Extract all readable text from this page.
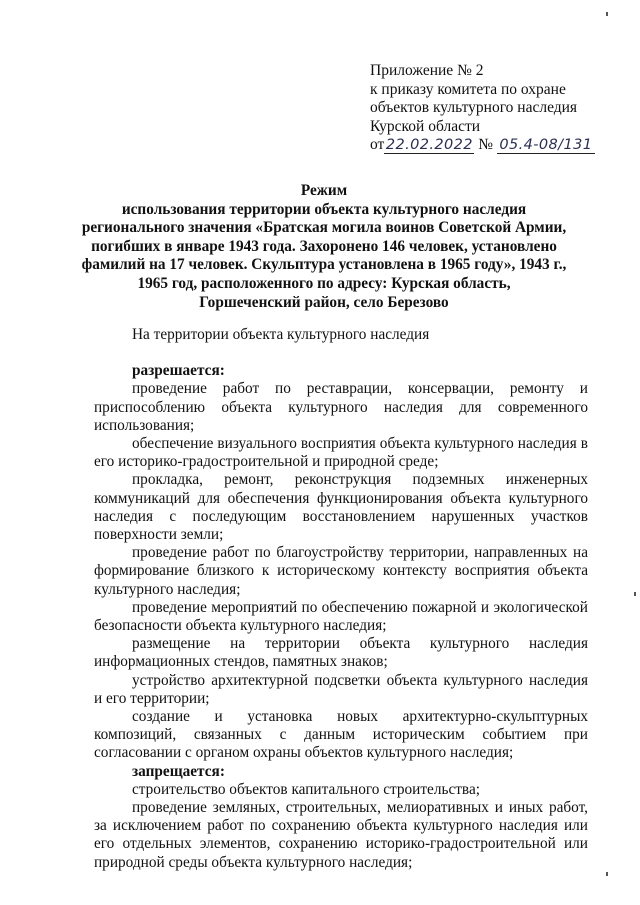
Приложение № 2
к приказу комитета по охране
объектов культурного наследия
Курской области
от22.02.2022 № 05.4-08/131
Режим
использования территории объекта культурного наследия
регионального значения «Братская могила воинов Советской Армии,
погибших в январе 1943 года. Захоронено 146 человек, установлено
фамилий на 17 человек. Скульптура установлена в 1965 году», 1943 г.,
1965 год, расположенного по адресу: Курская область,
Горшеченский район, село Березово
На территории объекта культурного наследия
разрешается:

проведение работ по реставрации, консервации, ремонту и приспособлению объекта культурного наследия для современного использования;

обеспечение визуального восприятия объекта культурного наследия в его историко-градостроительной и природной среде;

прокладка, ремонт, реконструкция подземных инженерных коммуникаций для обеспечения функционирования объекта культурного наследия с последующим восстановлением нарушенных участков поверхности земли;

проведение работ по благоустройству территории, направленных на формирование близкого к историческому контексту восприятия объекта культурного наследия;

проведение мероприятий по обеспечению пожарной и экологической безопасности объекта культурного наследия;

размещение на территории объекта культурного наследия информационных стендов, памятных знаков;

устройство архитектурной подсветки объекта культурного наследия и его территории;

создание и установка новых архитектурно-скульптурных композиций, связанных с данным историческим событием при согласовании с органом охраны объектов культурного наследия;

запрещается:

строительство объектов капитального строительства;

проведение земляных, строительных, мелиоративных и иных работ, за исключением работ по сохранению объекта культурного наследия или его отдельных элементов, сохранению историко-градостроительной или природной среды объекта культурного наследия;
